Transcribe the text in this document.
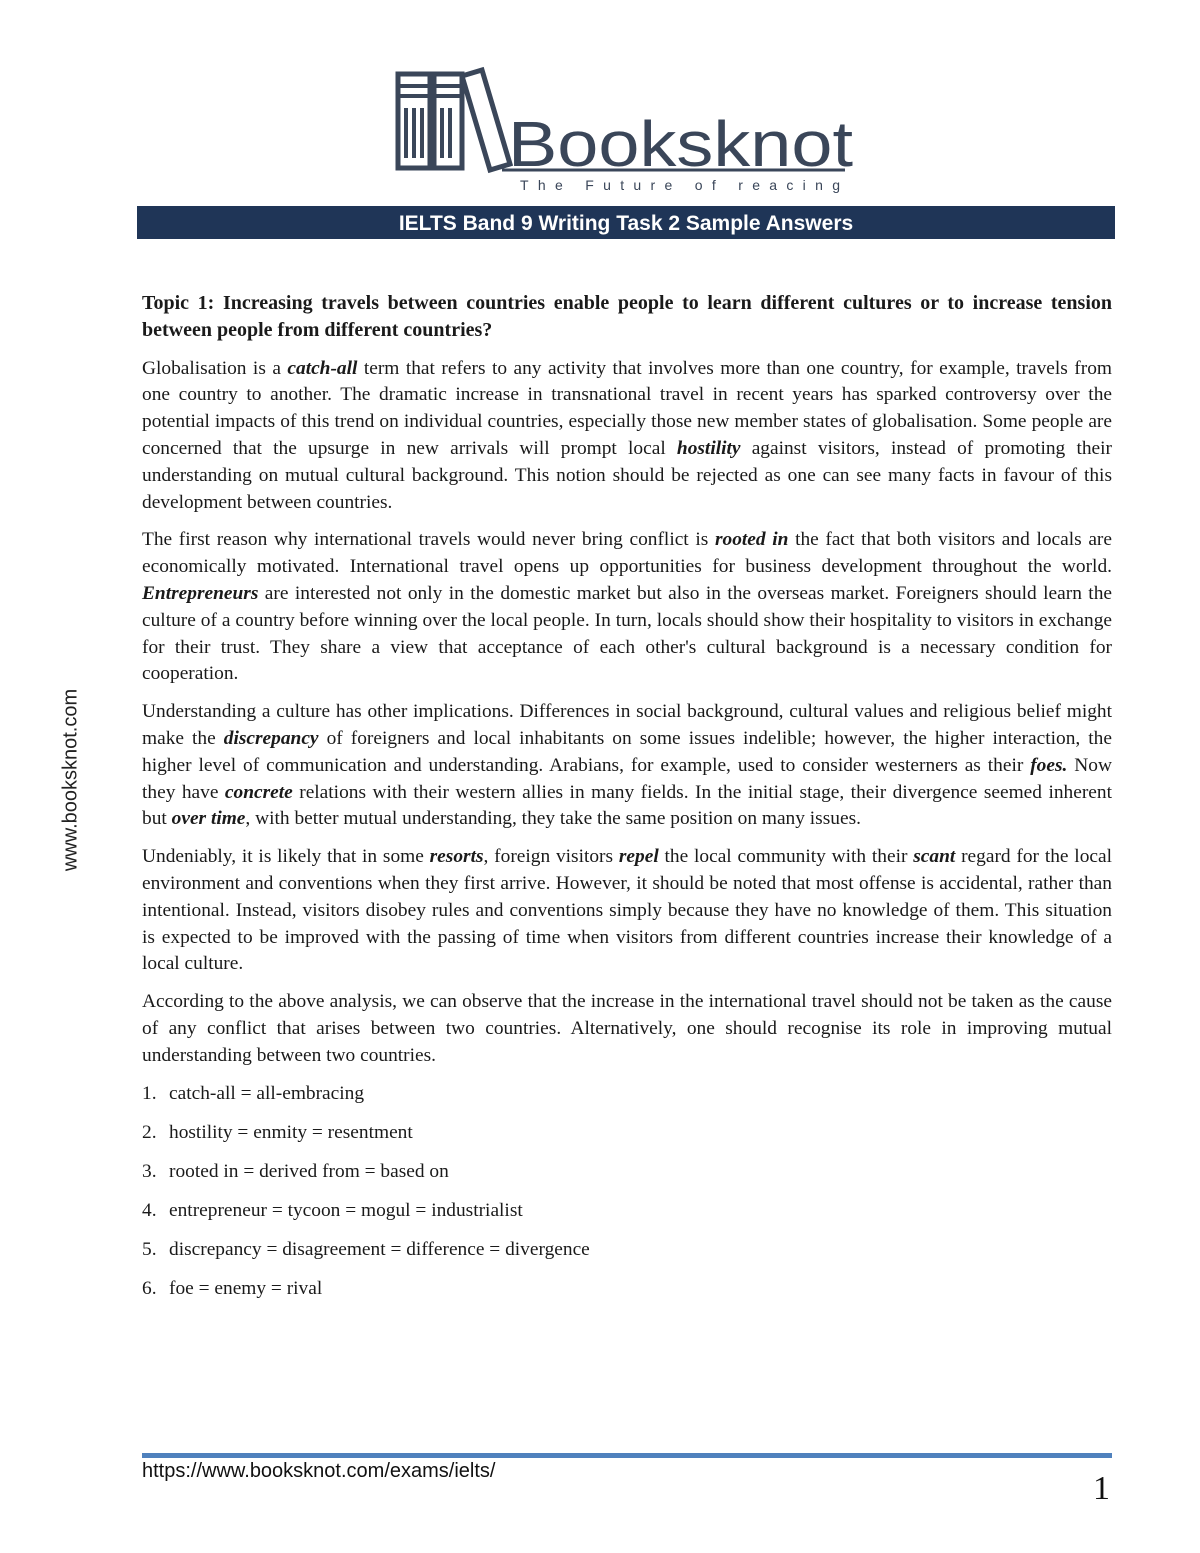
Booksknot
The Future of reacing
IELTS Band 9 Writing Task 2 Sample Answers
www.booksknot.com

Topic 1: Increasing travels between countries enable people to learn different cultures or to increase tension between people from different countries?

Globalisation is a catch-all term that refers to any activity that involves more than one country, for example, travels from one country to another. The dramatic increase in transnational travel in recent years has sparked controversy over the potential impacts of this trend on individual countries, especially those new member states of globalisation. Some people are concerned that the upsurge in new arrivals will prompt local hostility against visitors, instead of promoting their understanding on mutual cultural background. This notion should be rejected as one can see many facts in favour of this development between countries.

The first reason why international travels would never bring conflict is rooted in the fact that both visitors and locals are economically motivated. International travel opens up opportunities for business development throughout the world. Entrepreneurs are interested not only in the domestic market but also in the overseas market. Foreigners should learn the culture of a country before winning over the local people. In turn, locals should show their hospitality to visitors in exchange for their trust. They share a view that acceptance of each other's cultural background is a necessary condition for cooperation.

Understanding a culture has other implications. Differences in social background, cultural values and religious belief might make the discrepancy of foreigners and local inhabitants on some issues indelible; however, the higher interaction, the higher level of communication and understanding. Arabians, for example, used to consider westerners as their foes. Now they have concrete relations with their western allies in many fields. In the initial stage, their divergence seemed inherent but over time, with better mutual understanding, they take the same position on many issues.

Undeniably, it is likely that in some resorts, foreign visitors repel the local community with their scant regard for the local environment and conventions when they first arrive. However, it should be noted that most offense is accidental, rather than intentional. Instead, visitors disobey rules and conventions simply because they have no knowledge of them. This situation is expected to be improved with the passing of time when visitors from different countries increase their knowledge of a local culture.

According to the above analysis, we can observe that the increase in the international travel should not be taken as the cause of any conflict that arises between two countries. Alternatively, one should recognise its role in improving mutual understanding between two countries.

1. catch-all = all-embracing
2. hostility = enmity = resentment
3. rooted in = derived from = based on
4. entrepreneur = tycoon = mogul = industrialist
5. discrepancy = disagreement = difference = divergence
6. foe = enemy = rival
https://www.booksknot.com/exams/ielts/	1
